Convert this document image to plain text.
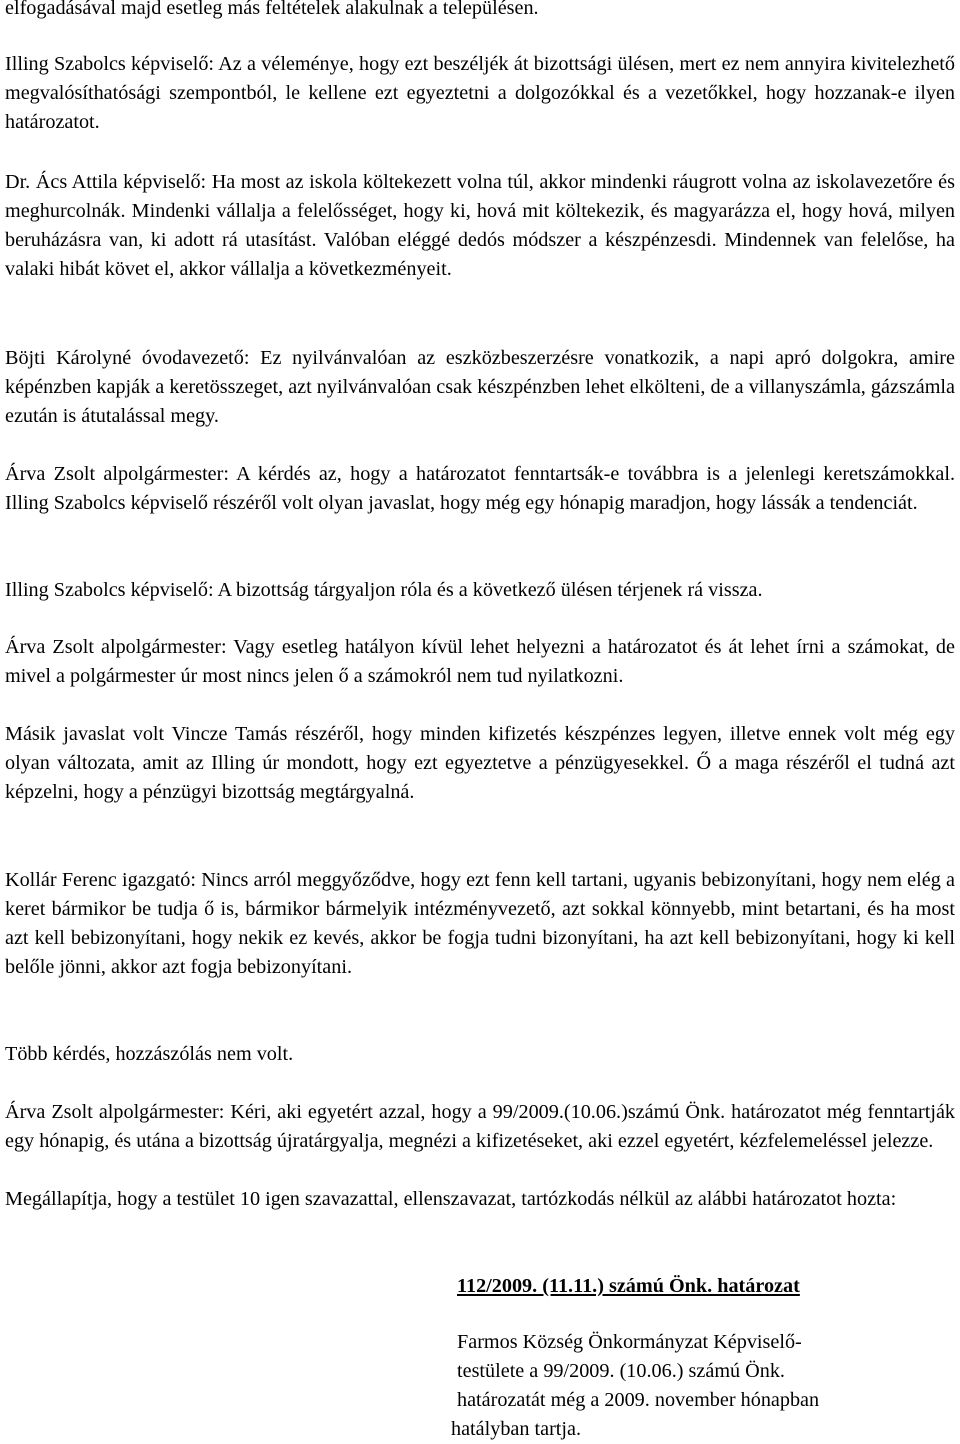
elfogadásával majd esetleg más feltételek alakulnak a településen.

Illing Szabolcs képviselő: Az a véleménye, hogy ezt beszéljék át bizottsági ülésen, mert ez nem annyira kivitelezhető megvalósíthatósági szempontból, le kellene ezt egyeztetni a dolgozókkal és a vezetőkkel, hogy hozzanak-e ilyen határozatot.

Dr. Ács Attila képviselő: Ha most az iskola költekezett volna túl, akkor mindenki ráugrott volna az iskolavezetőre és meghurcolnák. Mindenki vállalja a felelősséget, hogy ki, hová mit költekezik, és magyarázza el, hogy hová, milyen beruházásra van, ki adott rá utasítást. Valóban eléggé dedós módszer a készpénzesdi. Mindennek van felelőse, ha valaki hibát követ el, akkor vállalja a következményeit.

Böjti Károlyné óvodavezető: Ez nyilvánvalóan az eszközbeszerzésre vonatkozik, a napi apró dolgokra, amire képénzben kapják a keretösszeget, azt nyilvánvalóan csak készpénzben lehet elkölteni, de a villanyszámla, gázszámla ezután is átutalással megy.

Árva Zsolt alpolgármester: A kérdés az, hogy a határozatot fenntartsák-e továbbra is a jelenlegi keretszámokkal. Illing Szabolcs képviselő részéről volt olyan javaslat, hogy még egy hónapig maradjon, hogy lássák a tendenciát.

Illing Szabolcs képviselő: A bizottság tárgyaljon róla és a következő ülésen térjenek rá vissza.

Árva Zsolt alpolgármester: Vagy esetleg hatályon kívül lehet helyezni a határozatot és át lehet írni a számokat, de mivel a polgármester úr most nincs jelen ő a számokról nem tud nyilatkozni.

Másik javaslat volt Vincze Tamás részéről, hogy minden kifizetés készpénzes legyen, illetve ennek volt még egy olyan változata, amit az Illing úr mondott, hogy ezt egyeztetve a pénzügyesekkel. Ő a maga részéről el tudná azt képzelni, hogy a pénzügyi bizottság megtárgyalná.

Kollár Ferenc igazgató: Nincs arról meggyőződve, hogy ezt fenn kell tartani, ugyanis bebizonyítani, hogy nem elég a keret bármikor be tudja ő is, bármikor bármelyik intézményvezető, azt sokkal könnyebb, mint betartani, és ha most azt kell bebizonyítani, hogy nekik ez kevés, akkor be fogja tudni bizonyítani, ha azt kell bebizonyítani, hogy ki kell belőle jönni, akkor azt fogja bebizonyítani.

Több kérdés, hozzászólás nem volt.

Árva Zsolt alpolgármester: Kéri, aki egyetért azzal, hogy a 99/2009.(10.06.)számú Önk. határozatot még fenntartják egy hónapig, és utána a bizottság újratárgyalja, megnézi a kifizetéseket, aki ezzel egyetért, kézfelemeléssel jelezze.

Megállapítja, hogy a testület 10 igen szavazattal, ellenszavazat, tartózkodás nélkül az alábbi határozatot hozta:

112/2009. (11.11.) számú Önk. határozat

Farmos Község Önkormányzat Képviselő-
testülete a 99/2009. (10.06.) számú Önk.
határozatát még a 2009. november hónapban
hatályban tartja.
